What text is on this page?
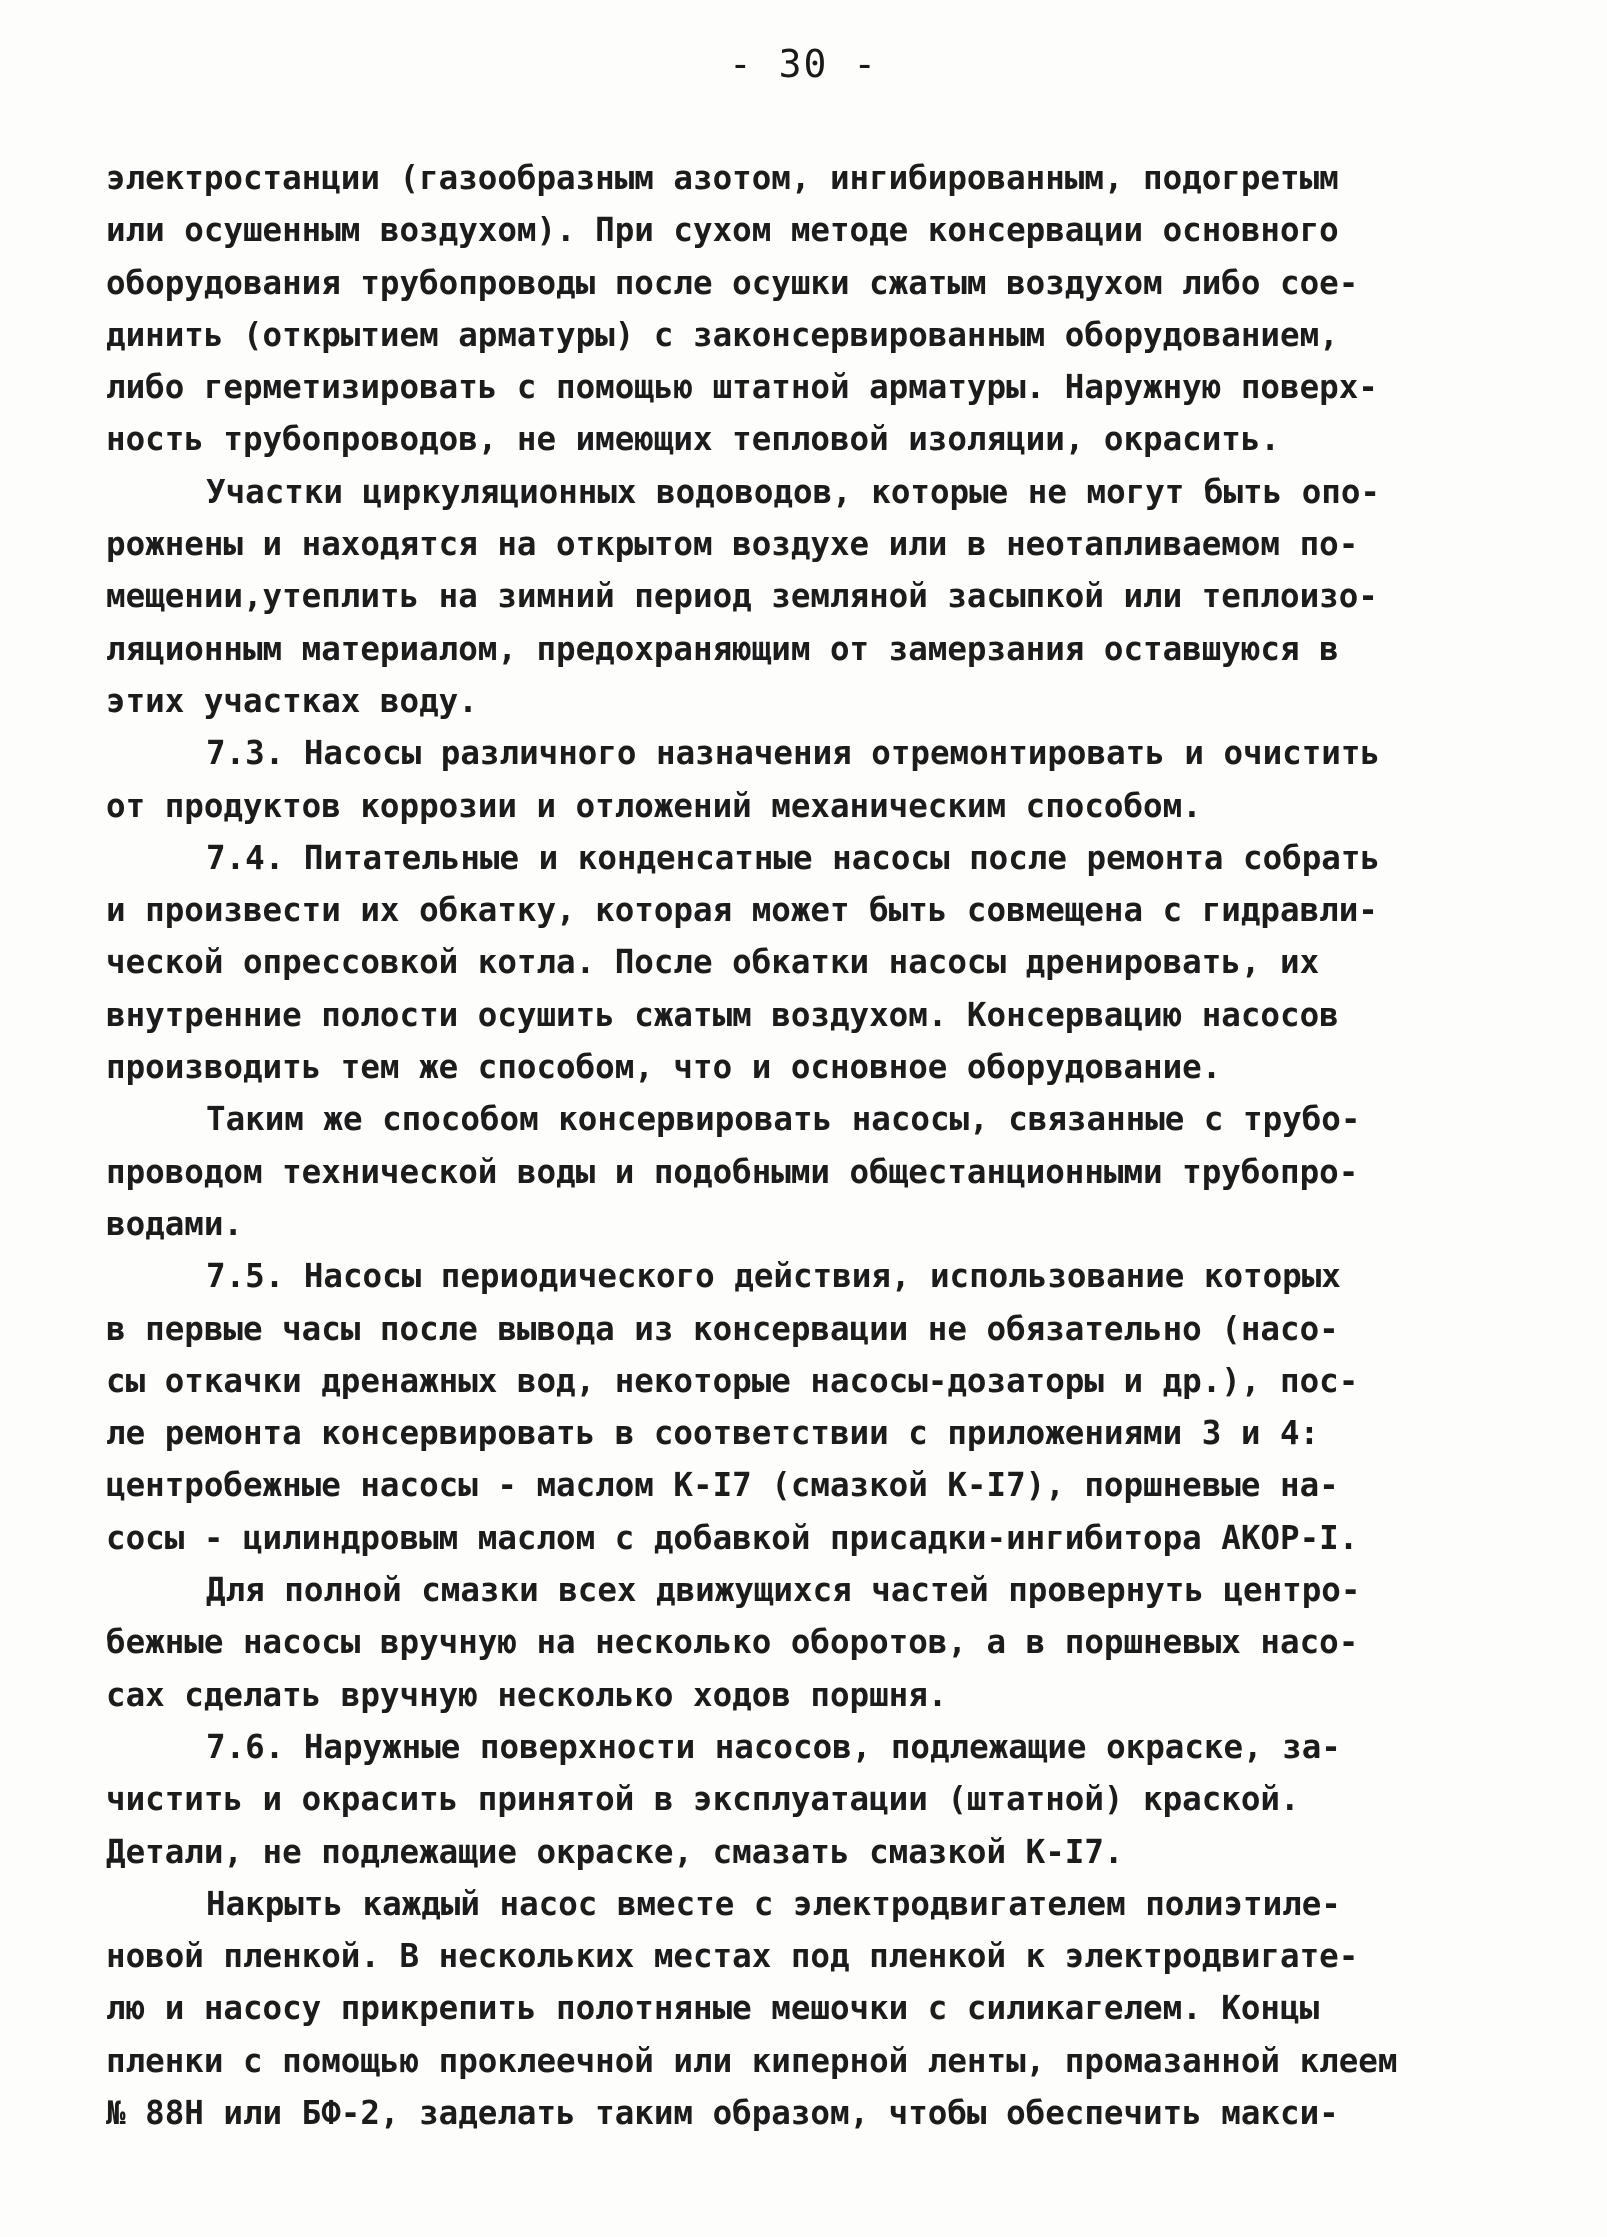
- 30 -
электростанции (газообразным азотом, ингибированным, подогретым
или осушенным воздухом). При сухом методе консервации основного
оборудования трубопроводы после осушки сжатым воздухом либо сое-
динить (открытием арматуры) с законсервированным оборудованием,
либо герметизировать с помощью штатной арматуры. Наружную поверх-
ность трубопроводов, не имеющих тепловой изоляции, окрасить.
Участки циркуляционных водоводов, которые не могут быть опо-
рожнены и находятся на открытом воздухе или в неотапливаемом по-
мещении,утеплить на зимний период земляной засыпкой или теплоизо-
ляционным материалом, предохраняющим от замерзания оставшуюся в
этих участках воду.
7.3. Насосы различного назначения отремонтировать и очистить
от продуктов коррозии и отложений механическим способом.
7.4. Питательные и конденсатные насосы после ремонта собрать
и произвести их обкатку, которая может быть совмещена с гидравли-
ческой опрессовкой котла. После обкатки насосы дренировать, их
внутренние полости осушить сжатым воздухом. Консервацию насосов
производить тем же способом, что и основное оборудование.
Таким же способом консервировать насосы, связанные с трубо-
проводом технической воды и подобными общестанционными трубопро-
водами.
7.5. Насосы периодического действия, использование которых
в первые часы после вывода из консервации не обязательно (насо-
сы откачки дренажных вод, некоторые насосы-дозаторы и др.), пос-
ле ремонта консервировать в соответствии с приложениями 3 и 4:
центробежные насосы - маслом К-I7 (смазкой К-I7), поршневые на-
сосы - цилиндровым маслом с добавкой присадки-ингибитора АКОР-I.
Для полной смазки всех движущихся частей провернуть центро-
бежные насосы вручную на несколько оборотов, а в поршневых насо-
сах сделать вручную несколько ходов поршня.
7.6. Наружные поверхности насосов, подлежащие окраске, за-
чистить и окрасить принятой в эксплуатации (штатной) краской.
Детали, не подлежащие окраске, смазать смазкой К-I7.
Накрыть каждый насос вместе с электродвигателем полиэтиле-
новой пленкой. В нескольких местах под пленкой к электродвигате-
лю и насосу прикрепить полотняные мешочки с силикагелем. Концы
пленки с помощью проклеечной или киперной ленты, промазанной клеем
№ 88Н или БФ-2, заделать таким образом, чтобы обеспечить макси-
